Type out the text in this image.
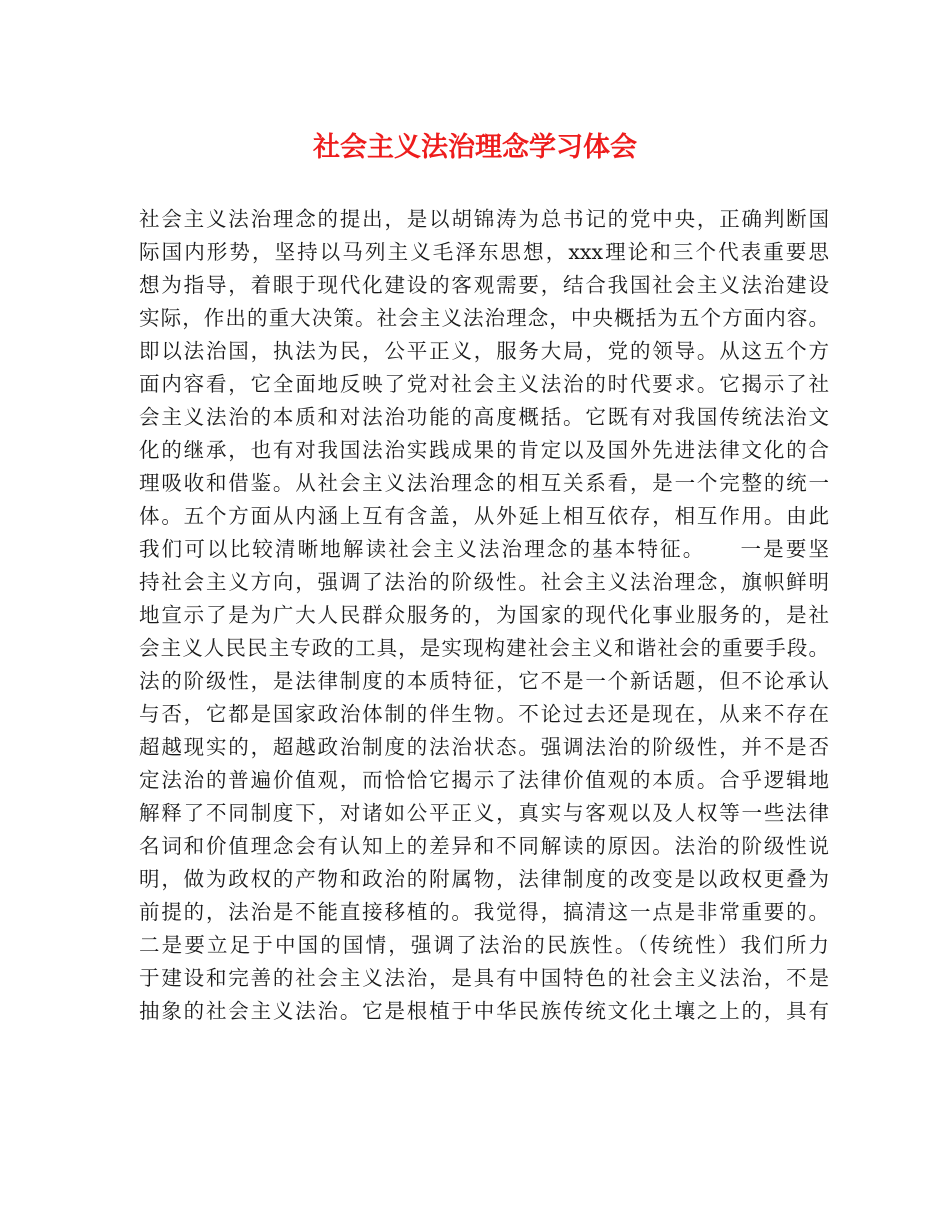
社会主义法治理念学习体会
社会主义法治理念的提出，是以胡锦涛为总书记的党中央，正确判断国
际国内形势，坚持以马列主义毛泽东思想，xxx理论和三个代表重要思
想为指导，着眼于现代化建设的客观需要，结合我国社会主义法治建设
实际，作出的重大决策。社会主义法治理念，中央概括为五个方面内容。
即以法治国，执法为民，公平正义，服务大局，党的领导。从这五个方
面内容看，它全面地反映了党对社会主义法治的时代要求。它揭示了社
会主义法治的本质和对法治功能的高度概括。它既有对我国传统法治文
化的继承，也有对我国法治实践成果的肯定以及国外先进法律文化的合
理吸收和借鉴。从社会主义法治理念的相互关系看，是一个完整的统一
体。五个方面从内涵上互有含盖，从外延上相互依存，相互作用。由此
我们可以比较清晰地解读社会主义法治理念的基本特征。　　一是要坚
持社会主义方向，强调了法治的阶级性。社会主义法治理念，旗帜鲜明
地宣示了是为广大人民群众服务的，为国家的现代化事业服务的，是社
会主义人民民主专政的工具，是实现构建社会主义和谐社会的重要手段。
法的阶级性，是法律制度的本质特征，它不是一个新话题，但不论承认
与否，它都是国家政治体制的伴生物。不论过去还是现在，从来不存在
超越现实的，超越政治制度的法治状态。强调法治的阶级性，并不是否
定法治的普遍价值观，而恰恰它揭示了法律价值观的本质。合乎逻辑地
解释了不同制度下，对诸如公平正义，真实与客观以及人权等一些法律
名词和价值理念会有认知上的差异和不同解读的原因。法治的阶级性说
明，做为政权的产物和政治的附属物，法律制度的改变是以政权更叠为
前提的，法治是不能直接移植的。我觉得，搞清这一点是非常重要的。
二是要立足于中国的国情，强调了法治的民族性。（传统性）我们所力
于建设和完善的社会主义法治，是具有中国特色的社会主义法治，不是
抽象的社会主义法治。它是根植于中华民族传统文化土壤之上的，具有
